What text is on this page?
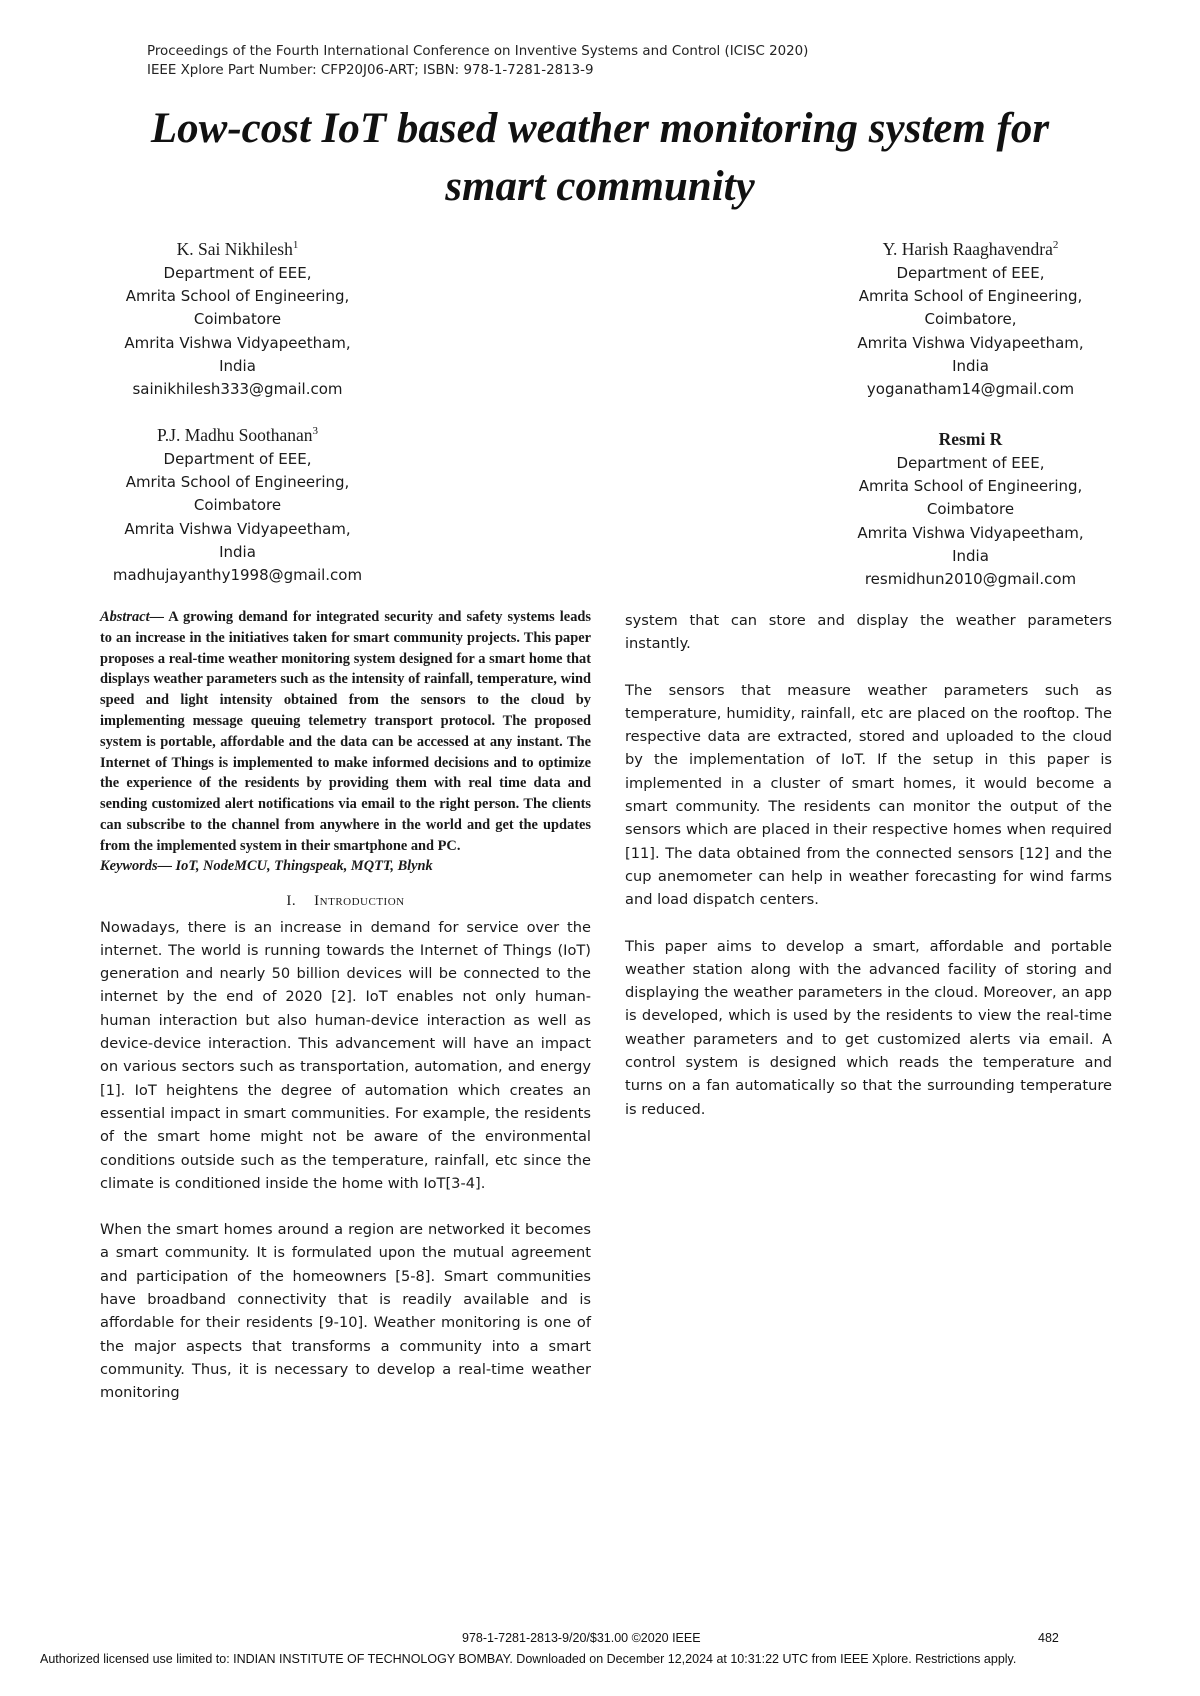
Proceedings of the Fourth International Conference on Inventive Systems and Control (ICISC 2020)
IEEE Xplore Part Number: CFP20J06-ART; ISBN: 978-1-7281-2813-9
Low-cost IoT based weather monitoring system for
smart community
K. Sai Nikhilesh$^1$
Department of EEE,
Amrita School of Engineering,
Coimbatore
Amrita Vishwa Vidyapeetham,
India
sainikhilesh333@gmail.com
Y. Harish Raaghavendra$^2$
Department of EEE,
Amrita School of Engineering,
Coimbatore,
Amrita Vishwa Vidyapeetham,
India
yoganatham14@gmail.com
P.J. Madhu Soothanan$^3$
Department of EEE,
Amrita School of Engineering,
Coimbatore
Amrita Vishwa Vidyapeetham,
India
madhujayanthy1998@gmail.com
Resmi R
Department of EEE,
Amrita School of Engineering,
Coimbatore
Amrita Vishwa Vidyapeetham,
India
resmidhun2010@gmail.com

Abstract— A growing demand for integrated security and safety systems leads to an increase in the initiatives taken for smart community projects. This paper proposes a real-time weather monitoring system designed for a smart home that displays weather parameters such as the intensity of rainfall, temperature, wind speed and light intensity obtained from the sensors to the cloud by implementing message queuing telemetry transport protocol. The proposed system is portable, affordable and the data can be accessed at any instant. The Internet of Things is implemented to make informed decisions and to optimize the experience of the residents by providing them with real time data and sending customized alert notifications via email to the right person. The clients can subscribe to the channel from anywhere in the world and get the updates from the implemented system in their smartphone and PC.

Keywords— IoT, NodeMCU, Thingspeak, MQTT, Blynk

I. Introduction

Nowadays, there is an increase in demand for service over the internet. The world is running towards the Internet of Things (IoT) generation and nearly 50 billion devices will be connected to the internet by the end of 2020 [2]. IoT enables not only human-human interaction but also human-device interaction as well as device-device interaction. This advancement will have an impact on various sectors such as transportation, automation, and energy [1]. IoT heightens the degree of automation which creates an essential impact in smart communities. For example, the residents of the smart home might not be aware of the environmental conditions outside such as the temperature, rainfall, etc since the climate is conditioned inside the home with IoT[3-4].

When the smart homes around a region are networked it becomes a smart community. It is formulated upon the mutual agreement and participation of the homeowners [5-8]. Smart communities have broadband connectivity that is readily available and is affordable for their residents [9-10]. Weather monitoring is one of the major aspects that transforms a community into a smart community. Thus, it is necessary to develop a real-time weather monitoring

system that can store and display the weather parameters instantly.

The sensors that measure weather parameters such as temperature, humidity, rainfall, etc are placed on the rooftop. The respective data are extracted, stored and uploaded to the cloud by the implementation of IoT. If the setup in this paper is implemented in a cluster of smart homes, it would become a smart community. The residents can monitor the output of the sensors which are placed in their respective homes when required [11]. The data obtained from the connected sensors [12] and the cup anemometer can help in weather forecasting for wind farms and load dispatch centers.

This paper aims to develop a smart, affordable and portable weather station along with the advanced facility of storing and displaying the weather parameters in the cloud. Moreover, an app is developed, which is used by the residents to view the real-time weather parameters and to get customized alerts via email. A control system is designed which reads the temperature and turns on a fan automatically so that the surrounding temperature is reduced.

978-1-7281-2813-9/20/$31.00 ©2020 IEEE	482
Authorized licensed use limited to: INDIAN INSTITUTE OF TECHNOLOGY BOMBAY. Downloaded on December 12,2024 at 10:31:22 UTC from IEEE Xplore. Restrictions apply.
